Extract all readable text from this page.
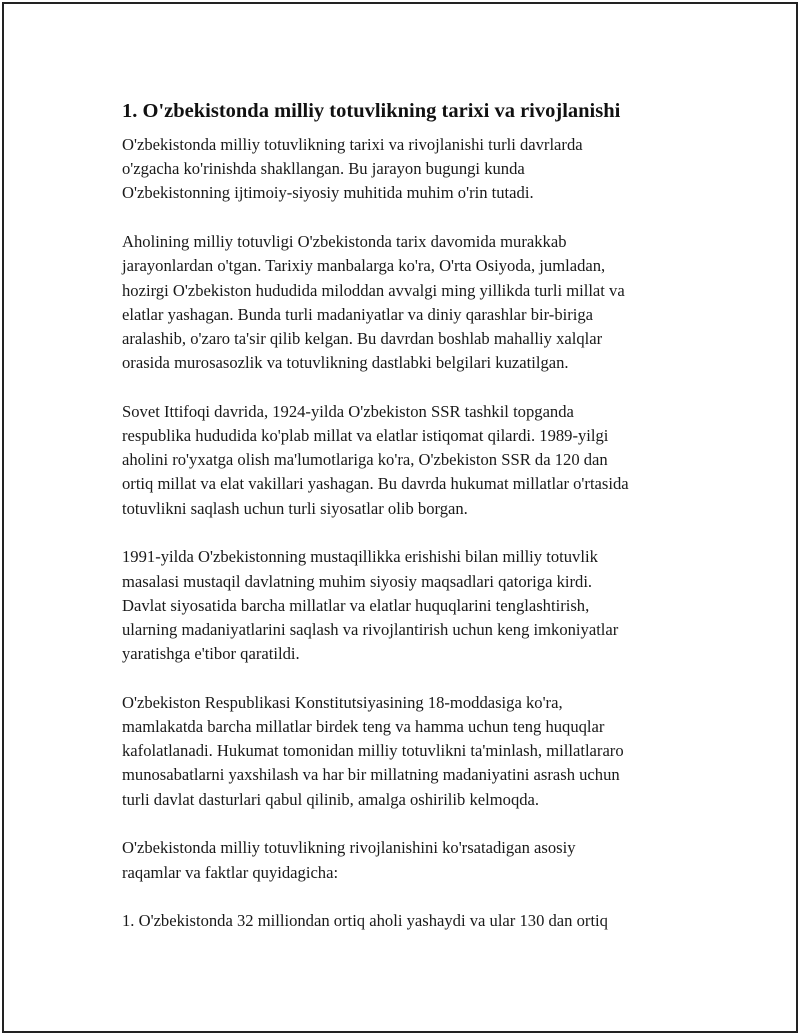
1. O'zbekistonda milliy totuvlikning tarixi va rivojlanishi

O'zbekistonda milliy totuvlikning tarixi va rivojlanishi turli davrlarda
o'zgacha ko'rinishda shakllangan. Bu jarayon bugungi kunda
O'zbekistonning ijtimoiy-siyosiy muhitida muhim o'rin tutadi.

Aholining milliy totuvligi O'zbekistonda tarix davomida murakkab
jarayonlardan o'tgan. Tarixiy manbalarga ko'ra, O'rta Osiyoda, jumladan,
hozirgi O'zbekiston hududida miloddan avvalgi ming yillikda turli millat va
elatlar yashagan. Bunda turli madaniyatlar va diniy qarashlar bir-biriga
aralashib, o'zaro ta'sir qilib kelgan. Bu davrdan boshlab mahalliy xalqlar
orasida murosasozlik va totuvlikning dastlabki belgilari kuzatilgan.

Sovet Ittifoqi davrida, 1924-yilda O'zbekiston SSR tashkil topganda
respublika hududida ko'plab millat va elatlar istiqomat qilardi. 1989-yilgi
aholini ro'yxatga olish ma'lumotlariga ko'ra, O'zbekiston SSR da 120 dan
ortiq millat va elat vakillari yashagan. Bu davrda hukumat millatlar o'rtasida
totuvlikni saqlash uchun turli siyosatlar olib borgan.

1991-yilda O'zbekistonning mustaqillikka erishishi bilan milliy totuvlik
masalasi mustaqil davlatning muhim siyosiy maqsadlari qatoriga kirdi.
Davlat siyosatida barcha millatlar va elatlar huquqlarini tenglashtirish,
ularning madaniyatlarini saqlash va rivojlantirish uchun keng imkoniyatlar
yaratishga e'tibor qaratildi.

O'zbekiston Respublikasi Konstitutsiyasining 18-moddasiga ko'ra,
mamlakatda barcha millatlar birdek teng va hamma uchun teng huquqlar
kafolatlanadi. Hukumat tomonidan milliy totuvlikni ta'minlash, millatlararo
munosabatlarni yaxshilash va har bir millatning madaniyatini asrash uchun
turli davlat dasturlari qabul qilinib, amalga oshirilib kelmoqda.

O'zbekistonda milliy totuvlikning rivojlanishini ko'rsatadigan asosiy
raqamlar va faktlar quyidagicha:

1. O'zbekistonda 32 milliondan ortiq aholi yashaydi va ular 130 dan ortiq
